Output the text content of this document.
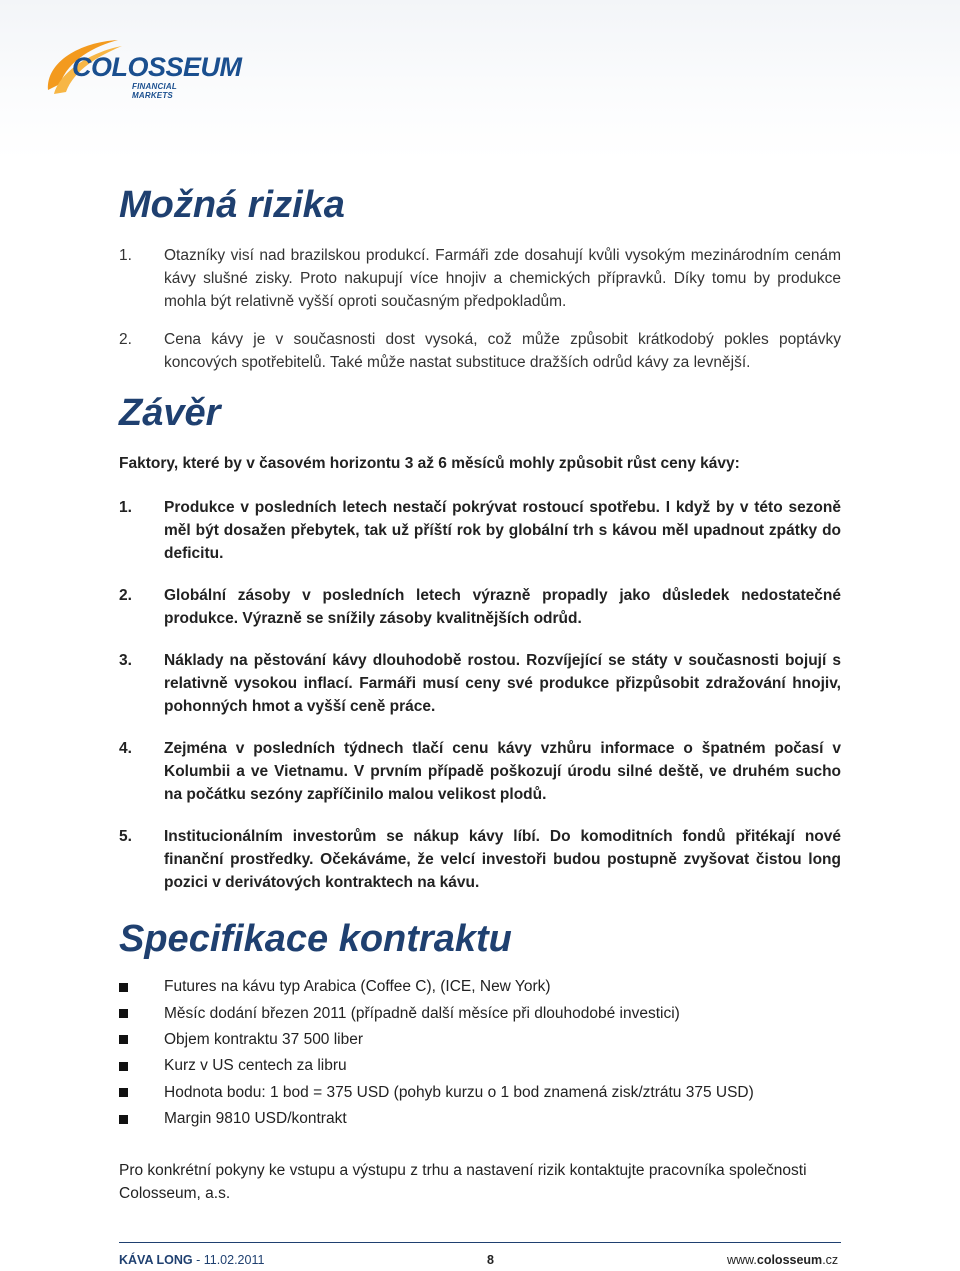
COLOSSEUM
FINANCIAL MARKETS
Možná rizika
1.	Otazníky visí nad brazilskou produkcí. Farmáři zde dosahují kvůli vysokým mezinárodním cenám kávy slušné zisky. Proto nakupují více hnojiv a chemických přípravků. Díky tomu by produkce mohla být relativně vyšší oproti současným předpokladům.
2.	Cena kávy je v současnosti dost vysoká, což může způsobit krátkodobý pokles poptávky koncových spotřebitelů. Také může nastat substituce dražších odrůd kávy za levnější.
Závěr
Faktory, které by v časovém horizontu 3 až 6 měsíců mohly způsobit růst ceny kávy:
1.	Produkce v posledních letech nestačí pokrývat rostoucí spotřebu. I když by v této sezoně měl být dosažen přebytek, tak už příští rok by globální trh s kávou měl upadnout zpátky do deficitu.
2.	Globální zásoby v posledních letech výrazně propadly jako důsledek nedostatečné produkce. Výrazně se snížily zásoby kvalitnějších odrůd.
3.	Náklady na pěstování kávy dlouhodobě rostou. Rozvíjející se státy v současnosti bojují s relativně vysokou inflací. Farmáři musí ceny své produkce přizpůsobit zdražování hnojiv, pohonných hmot a vyšší ceně práce.
4.	Zejména v posledních týdnech tlačí cenu kávy vzhůru informace o špatném počasí v Kolumbii a ve Vietnamu. V prvním případě poškozují úrodu silné deště, ve druhém sucho na počátku sezóny zapříčinilo malou velikost plodů.
5.	Institucionálním investorům se nákup kávy líbí. Do komoditních fondů přitékají nové finanční prostředky. Očekáváme, že velcí investoři budou postupně zvyšovat čistou long pozici v derivátových kontraktech na kávu.
Specifikace kontraktu
Futures na kávu typ Arabica (Coffee C), (ICE, New York)
Měsíc dodání březen 2011 (případně další měsíce při dlouhodobé investici)
Objem kontraktu 37 500 liber
Kurz v US centech za libru
Hodnota bodu: 1 bod = 375 USD (pohyb kurzu o 1 bod znamená zisk/ztrátu 375 USD)
Margin 9810 USD/kontrakt
Pro konkrétní pokyny ke vstupu a výstupu z trhu a nastavení rizik kontaktujte pracovníka společnosti Colosseum, a.s.
KÁVA LONG - 11.02.2011	8	www.colosseum.cz
